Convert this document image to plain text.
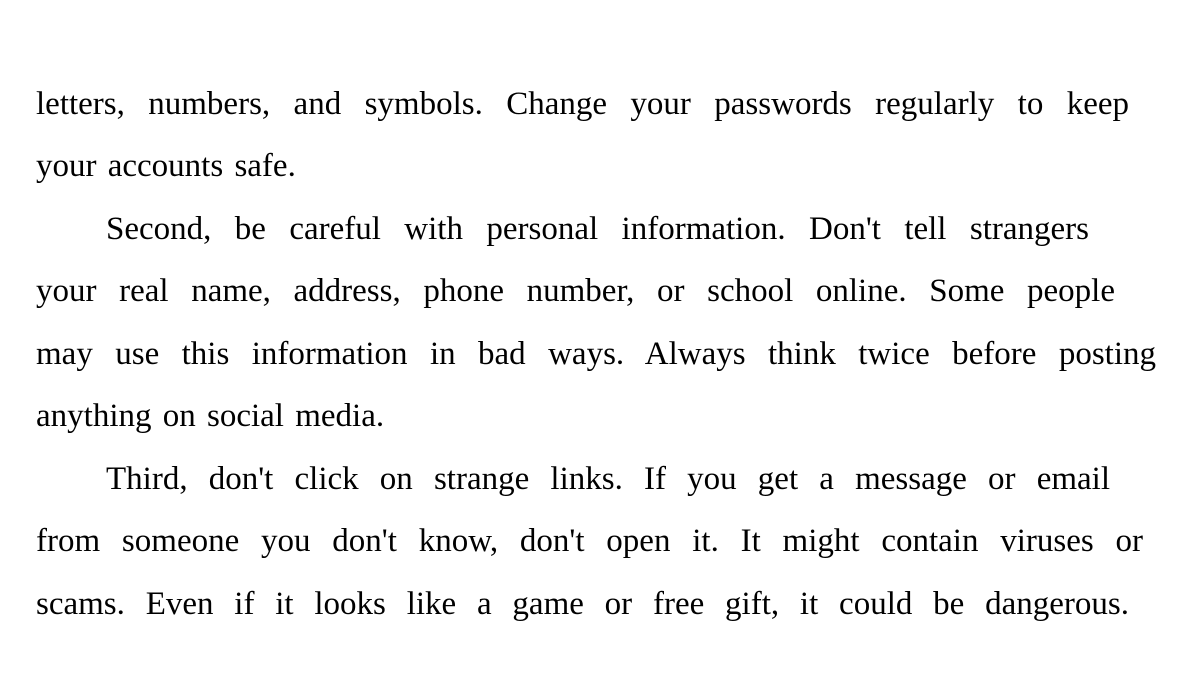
letters, numbers, and symbols. Change your passwords regularly to keep
your accounts safe.
Second, be careful with personal information. Don't tell strangers
your real name, address, phone number, or school online. Some people
may use this information in bad ways. Always think twice before posting
anything on social media.
Third, don't click on strange links. If you get a message or email
from someone you don't know, don't open it. It might contain viruses or
scams. Even if it looks like a game or free gift, it could be dangerous.
